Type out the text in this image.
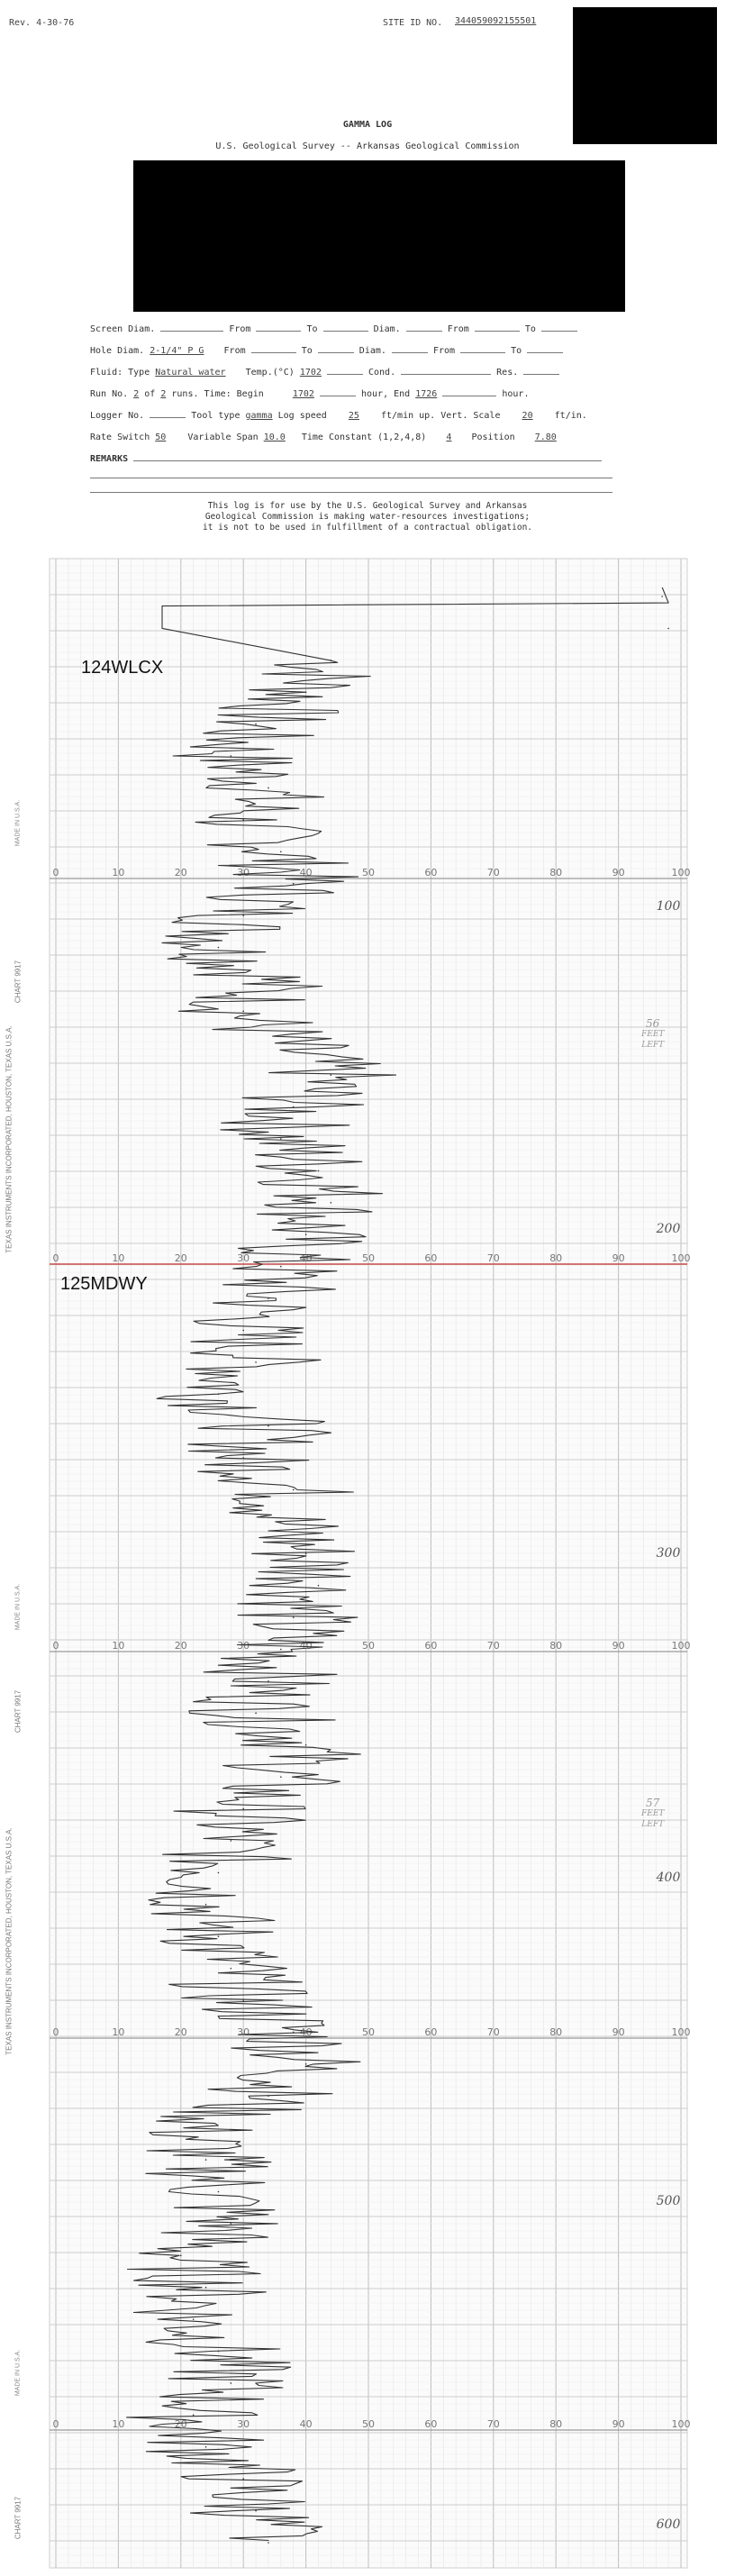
Rev. 4-30-76	SITE ID NO. 344059092155501
GAMMA LOG
U.S. Geological Survey -- Arkansas Geological Commission
Screen Diam.	From	To	Diam.	From	To
Hole Diam. 2-1/4" P G From	To	Diam.	From	To
Fluid: Type Natural water Temp.(°C) 1702	Cond.	Res.
Run No. 2 of 2 runs. Time: Begin	1702	hour, End 1726	hour.
Logger No.	Tool type gamma Log speed 25 ft/min up. Vert. Scale 20 ft/in.
Rate Switch 50 Variable Span 10.0 Time Constant (1,2,4,8) 4 Position 7.80
REMARKS
This log is for use by the U.S. Geological Survey and Arkansas
Geological Commission is making water-resources investigations;
it is not to be used in fulfillment of a contractual obligation.
0	10	20	30	40	50	60	70	80	90	100
0	10	20	30	40	50	60	70	80	90	100
0	10	20	30	40	50	60	70	80	90	100
0	10	20	30	40	50	60	70	80	90	100
0	10	20	30	40	50	60	70	80	90	100
100
200
300
400
500
600
TEXAS INSTRUMENTS INCORPORATED, HOUSTON, TEXAS U.S.A.
TEXAS INSTRUMENTS INCORPORATED, HOUSTON, TEXAS U.S.A.
CHART 9917
CHART 9917
CHART 9917
MADE IN U.S.A.
MADE IN U.S.A.
MADE IN U.S.A.
124WLCX
125MDWY
56
FEET
LEFT
57
FEET
LEFT
